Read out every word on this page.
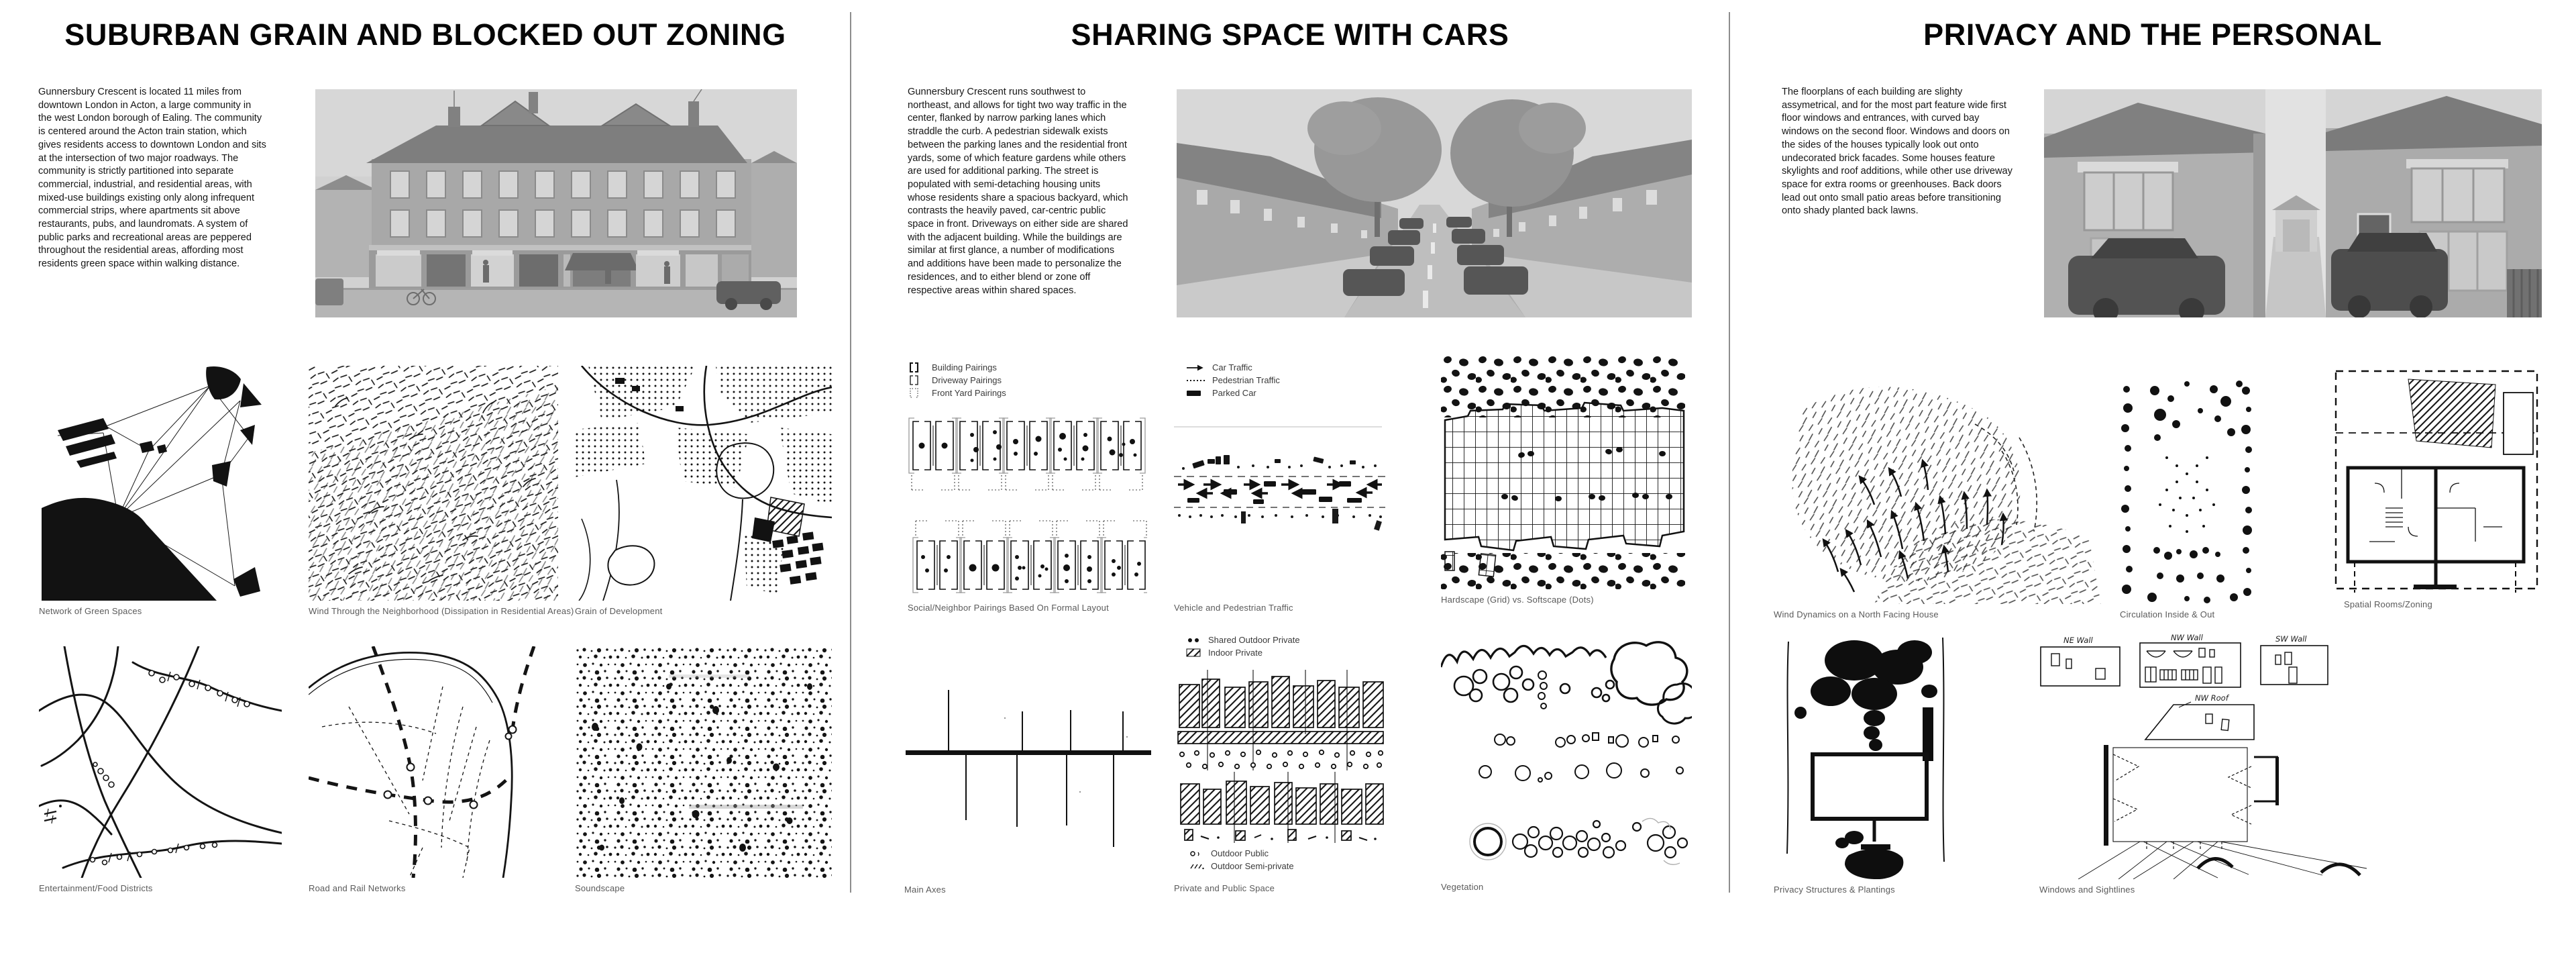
SUBURBAN GRAIN AND BLOCKED OUT ZONING

Gunnersbury Crescent is located 11 miles from downtown London in Acton, a large community in the west London borough of Ealing. The community is centered around the Acton train station, which gives residents access to downtown London and sits at the intersection of two major roadways. The community is strictly partitioned into separate commercial, industrial, and residential areas, with mixed-use buildings existing only along infrequent commercial strips, where apartments sit above restaurants, pubs, and laundromats. A system of public parks and recreational areas are peppered throughout the residential areas, affording most residents green space within walking distance.

Network of Green Spaces	Wind Through the Neighborhood (Dissipation in Residential Areas) Grain of Development
Entertainment/Food Districts	Road and Rail Networks	Soundscape
SHARING SPACE WITH CARS

Gunnersbury Crescent runs southwest to northeast, and allows for tight two way traffic in the center, flanked by narrow parking lanes which straddle the curb. A pedestrian sidewalk exists between the parking lanes and the residential front yards, some of which feature gardens while others are used for additional parking. The street is populated with semi-detaching housing units whose residents share a spacious backyard, which contrasts the heavily paved, car-centric public space in front. Driveways on either side are shared with the adjacent building. While the buildings are similar at first glance, a number of modifications and additions have been made to personalize the residences, and to either blend or zone off respective areas within shared spaces.

Building Pairings
Driveway Pairings
Front Yard Pairings
Car Traffic
Pedestrian Traffic
Parked Car
Social/Neighbor Pairings Based On Formal Layout	Vehicle and Pedestrian Traffic
Hardscape (Grid) vs. Softscape (Dots)
Main Axes
Shared Outdoor Private
Indoor Private
Outdoor Public
Outdoor Semi-private
Private and Public Space	Vegetation
PRIVACY AND THE PERSONAL

The floorplans of each building are slighty assymetrical, and for the most part feature wide first floor windows and entrances, with curved bay windows on the second floor. Windows and doors on the sides of the houses typically look out onto undecorated brick facades. Some houses feature skylights and roof additions, while other use driveway space for extra rooms or greenhouses. Back doors lead out onto small patio areas before transitioning onto shady planted back lawns.

Wind Dynamics on a North Facing House	Circulation Inside & Out
Spatial Rooms/Zoning
Privacy Structures & Plantings
NE Wall	NW Wall	SW Wall
NW Roof
Windows and Sightlines
